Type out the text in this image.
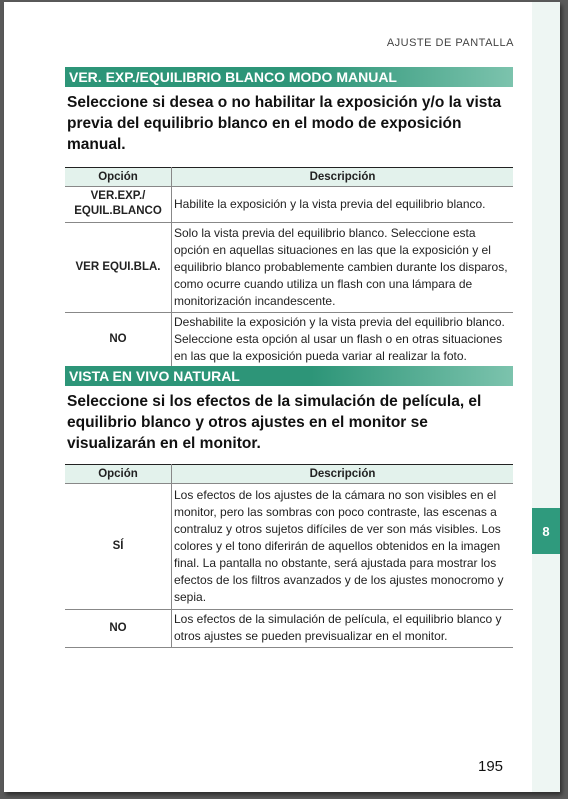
8
AJUSTE DE PANTALLA
VER. EXP./EQUILIBRIO BLANCO MODO MANUAL
Seleccione si desea o no habilitar la exposición y/o la vista previa del equilibrio blanco en el modo de exposición manual.
Opción	Descripción

VER.EXP./
EQUIL.BLANCO	Habilite la exposición y la vista previa del equilibrio blanco.
VER EQUI.BLA.	Solo la vista previa del equilibrio blanco. Seleccione esta opción en aquellas situaciones en las que la exposición y el equilibrio blanco probablemente cambien durante los disparos, como ocurre cuando utiliza un flash con una lámpara de monitorización incandescente.
NO	Deshabilite la exposición y la vista previa del equilibrio blanco. Seleccione esta opción al usar un flash o en otras situaciones en las que la exposición pueda variar al realizar la foto.
VISTA EN VIVO NATURAL
Seleccione si los efectos de la simulación de película, el equilibrio blanco y otros ajustes en el monitor se visualizarán en el monitor.
Opción	Descripción
SÍ	Los efectos de los ajustes de la cámara no son visibles en el monitor, pero las sombras con poco contraste, las escenas a contraluz y otros sujetos difíciles de ver son más visibles. Los colores y el tono diferirán de aquellos obtenidos en la imagen final. La pantalla no obstante, será ajustada para mostrar los efectos de los filtros avanzados y de los ajustes monocromo y sepia.
NO	Los efectos de la simulación de película, el equilibrio blanco y otros ajustes se pueden previsualizar en el monitor.
195
